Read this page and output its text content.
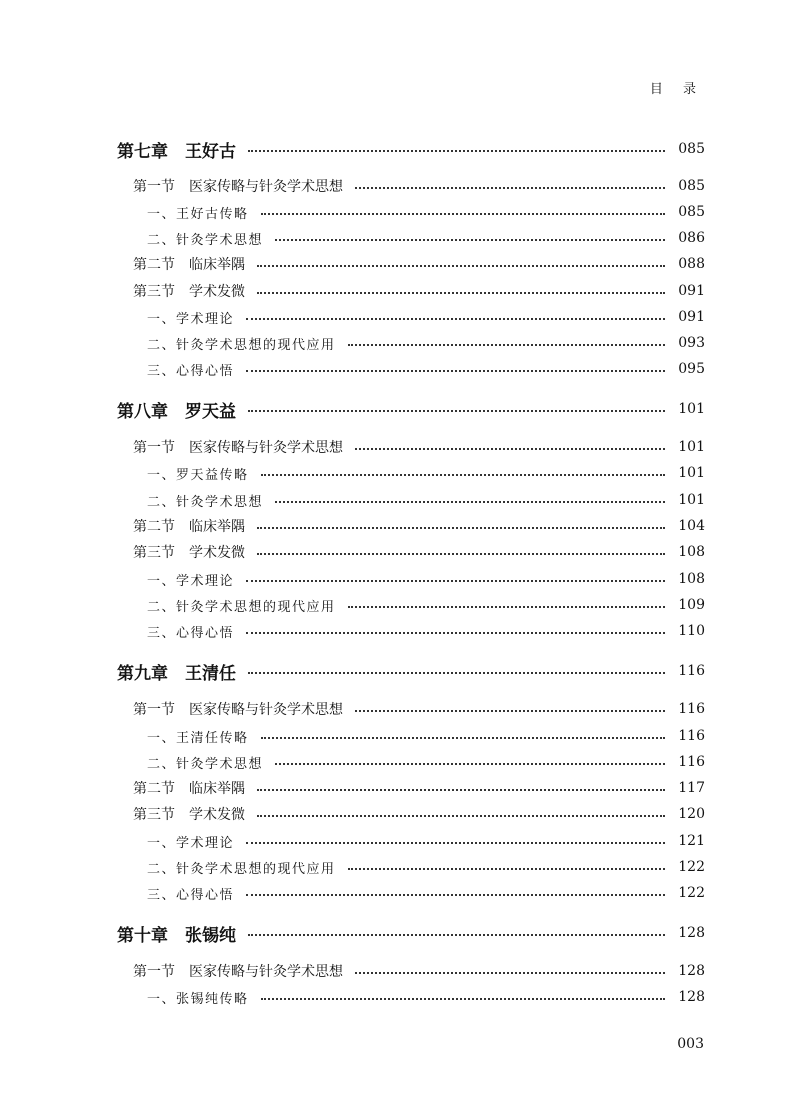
目 录
第七章　王好古	085
第一节　医家传略与针灸学术思想	085
一、王好古传略	085
二、针灸学术思想	086
第二节　临床举隅	088
第三节　学术发微	091
一、学术理论	091
二、针灸学术思想的现代应用	093
三、心得心悟	095
第八章　罗天益	101
第一节　医家传略与针灸学术思想	101
一、罗天益传略	101
二、针灸学术思想	101
第二节　临床举隅	104
第三节　学术发微	108
一、学术理论	108
二、针灸学术思想的现代应用	109
三、心得心悟	110
第九章　王清任	116
第一节　医家传略与针灸学术思想	116
一、王清任传略	116
二、针灸学术思想	116
第二节　临床举隅	117
第三节　学术发微	120
一、学术理论	121
二、针灸学术思想的现代应用	122
三、心得心悟	122
第十章　张锡纯	128
第一节　医家传略与针灸学术思想	128
一、张锡纯传略	128
003
